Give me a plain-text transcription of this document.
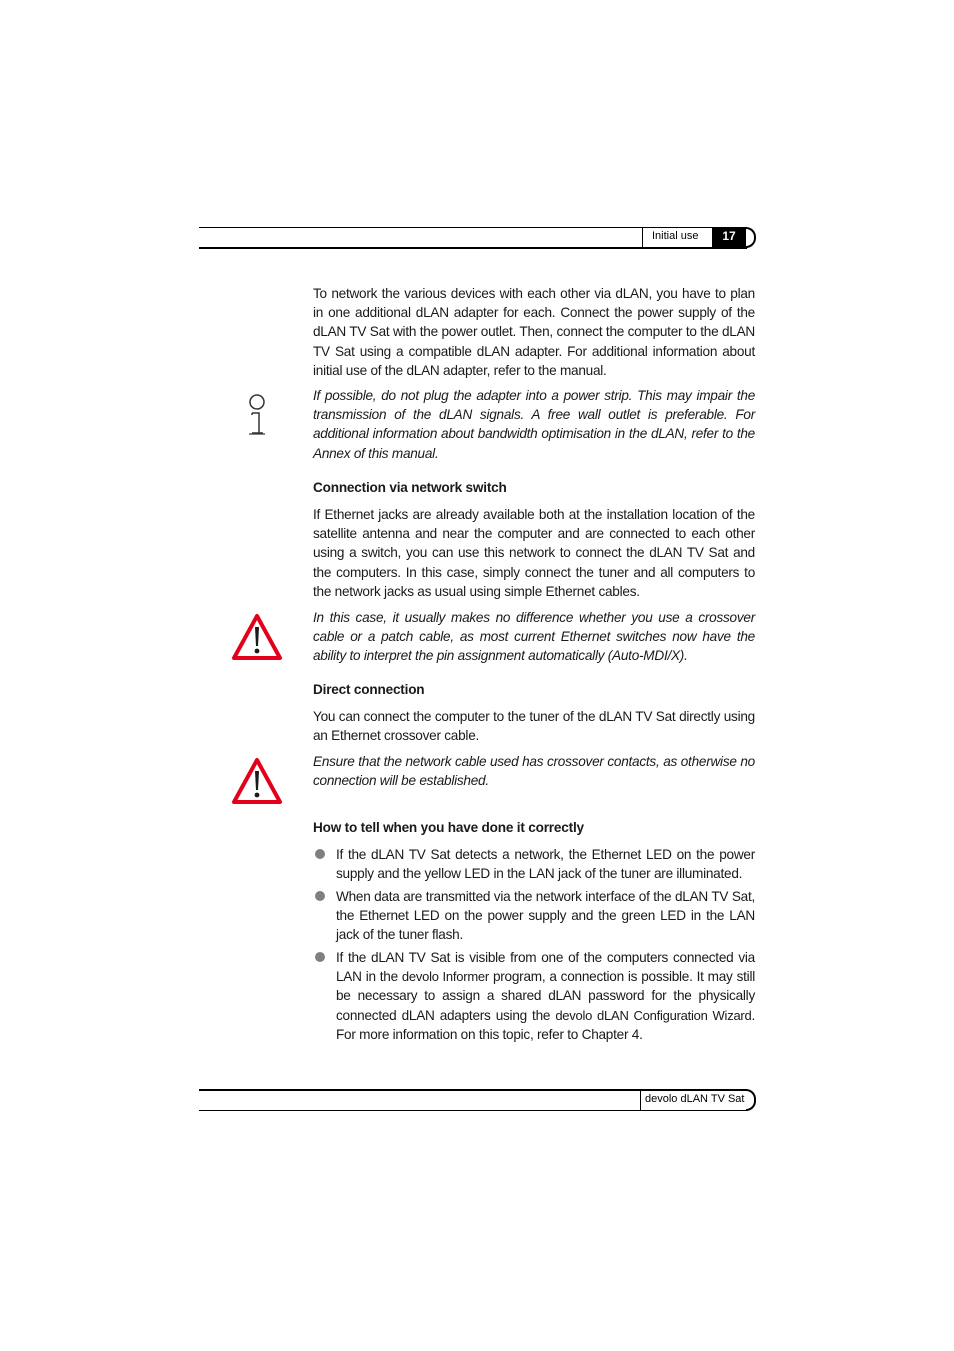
Initial use	17
To network the various devices with each other via dLAN, you have to plan in one additional dLAN adapter for each. Connect the power supply of the dLAN TV Sat with the power outlet. Then, connect the computer to the dLAN TV Sat using a compatible dLAN adapter. For additional information about initial use of the dLAN adapter, refer to the manual.
If possible, do not plug the adapter into a power strip. This may impair the transmission of the dLAN signals. A free wall outlet is preferable. For additional information about bandwidth optimisation in the dLAN, refer to the Annex of this manual.
Connection via network switch
If Ethernet jacks are already available both at the installation location of the satellite antenna and near the computer and are connected to each other using a switch, you can use this network to connect the dLAN TV Sat and the computers. In this case, simply connect the tuner and all computers to the network jacks as usual using simple Ethernet cables.
In this case, it usually makes no difference whether you use a crossover cable or a patch cable, as most current Ethernet switches now have the ability to interpret the pin assignment automatically (Auto-MDI/X).
Direct connection
You can connect the computer to the tuner of the dLAN TV Sat directly using an Ethernet crossover cable.
Ensure that the network cable used has crossover contacts, as otherwise no connection will be established.
How to tell when you have done it correctly
If the dLAN TV Sat detects a network, the Ethernet LED on the power supply and the yellow LED in the LAN jack of the tuner are illuminated.
When data are transmitted via the network interface of the dLAN TV Sat, the Ethernet LED on the power supply and the green LED in the LAN jack of the tuner flash.
If the dLAN TV Sat is visible from one of the computers connected via LAN in the devolo Informer program, a connection is possible. It may still be necessary to assign a shared dLAN password for the physically connected dLAN adapters using the devolo dLAN Configuration Wizard. For more information on this topic, refer to Chapter 4.
devolo dLAN TV Sat
